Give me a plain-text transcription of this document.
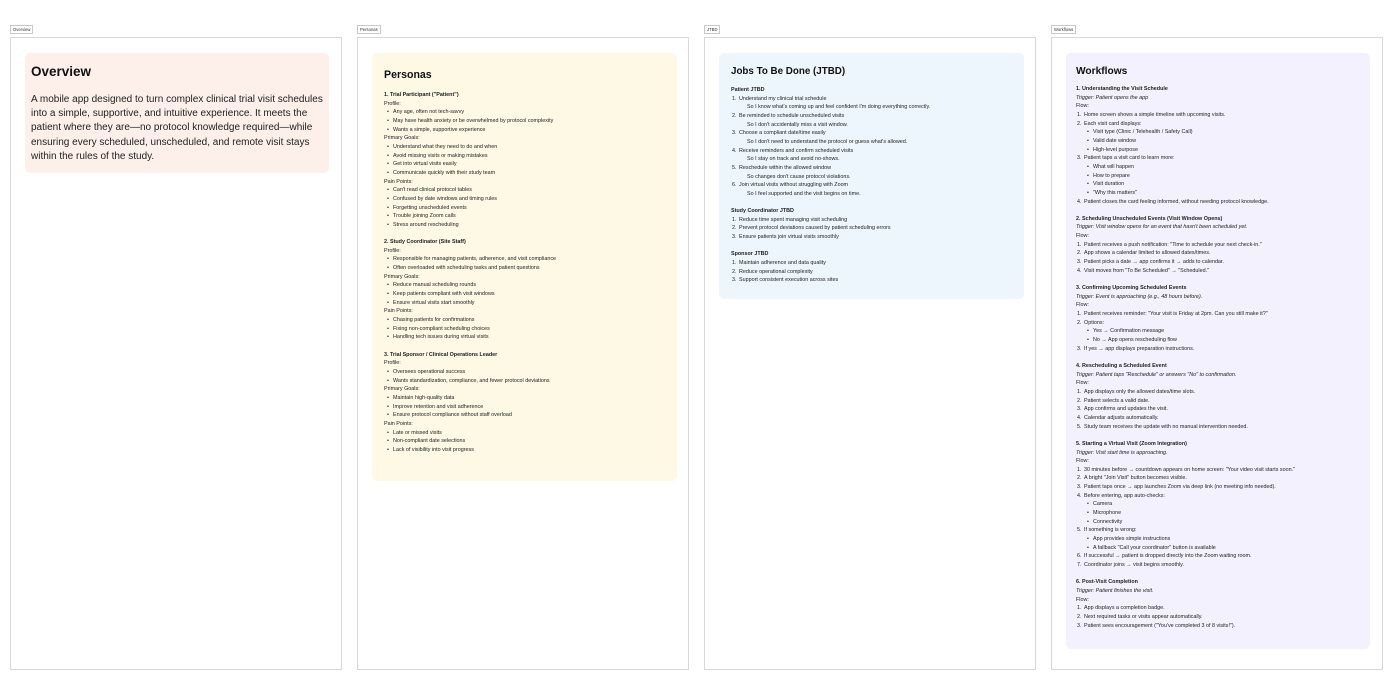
Overview	Personas	JTBD	Workflows
Overview
A mobile app designed to turn complex clinical trial visit schedules into a simple, supportive, and intuitive experience. It meets the patient where they are—no protocol knowledge required—while ensuring every scheduled, unscheduled, and remote visit stays within the rules of the study.
Personas
1. Trial Participant ("Patient")
Profile:
• Any age, often not tech-savvy
• May have health anxiety or be overwhelmed by protocol complexity
• Wants a simple, supportive experience
Primary Goals:
• Understand what they need to do and when
• Avoid missing visits or making mistakes
• Get into virtual visits easily
• Communicate quickly with their study team
Pain Points:
• Can't read clinical protocol tables
• Confused by date windows and timing rules
• Forgetting unscheduled events
• Trouble joining Zoom calls
• Stress around rescheduling
2. Study Coordinator (Site Staff)
Profile:
• Responsible for managing patients, adherence, and visit compliance
• Often overloaded with scheduling tasks and patient questions
Primary Goals:
• Reduce manual scheduling rounds
• Keep patients compliant with visit windows
• Ensure virtual visits start smoothly
Pain Points:
• Chasing patients for confirmations
• Fixing non-compliant scheduling choices
• Handling tech issues during virtual visits
3. Trial Sponsor / Clinical Operations Leader
Profile:
• Oversees operational success
• Wants standardization, compliance, and fewer protocol deviations
Primary Goals:
• Maintain high-quality data
• Improve retention and visit adherence
• Ensure protocol compliance without staff overload
Pain Points:
• Late or missed visits
• Non-compliant date selections
• Lack of visibility into visit progress
Jobs To Be Done (JTBD)
Patient JTBD
1. Understand my clinical trial schedule
So I know what's coming up and feel confident I'm doing everything correctly.
2. Be reminded to schedule unscheduled visits
So I don't accidentally miss a visit window.
3. Choose a compliant date/time easily
So I don't need to understand the protocol or guess what's allowed.
4. Receive reminders and confirm scheduled visits
So I stay on track and avoid no-shows.
5. Reschedule within the allowed window
So changes don't cause protocol violations.
6. Join virtual visits without struggling with Zoom
So I feel supported and the visit begins on time.
Study Coordinator JTBD
1. Reduce time spent managing visit scheduling
2. Prevent protocol deviations caused by patient scheduling errors
3. Ensure patients join virtual visits smoothly
Sponsor JTBD
1. Maintain adherence and data quality
2. Reduce operational complexity
3. Support consistent execution across sites
Workflows
1. Understanding the Visit Schedule
Trigger: Patient opens the app
Flow:
1. Home screen shows a simple timeline with upcoming visits.
2. Each visit card displays:
• Visit type (Clinic / Telehealth / Safety Call)
• Valid date window
• High-level purpose
3. Patient taps a visit card to learn more:
• What will happen
• How to prepare
• Visit duration
• "Why this matters"
4. Patient closes the card feeling informed, without needing protocol knowledge.
2. Scheduling Unscheduled Events (Visit Window Opens)
Trigger: Visit window opens for an event that hasn't been scheduled yet.
Flow:
1. Patient receives a push notification: "Time to schedule your next check-in."
2. App shows a calendar limited to allowed dates/times.
3. Patient picks a date → app confirms it → adds to calendar.
4. Visit moves from "To Be Scheduled" → "Scheduled."
3. Confirming Upcoming Scheduled Events
Trigger: Event is approaching (e.g., 48 hours before).
Flow:
1. Patient receives reminder: "Your visit is Friday at 2pm. Can you still make it?"
2. Options:
• Yes → Confirmation message
• No → App opens rescheduling flow
3. If yes → app displays preparation instructions.
4. Rescheduling a Scheduled Event
Trigger: Patient taps "Reschedule" or answers "No" to confirmation.
Flow:
1. App displays only the allowed dates/time slots.
2. Patient selects a valid date.
3. App confirms and updates the visit.
4. Calendar adjusts automatically.
5. Study team receives the update with no manual intervention needed.
5. Starting a Virtual Visit (Zoom Integration)
Trigger: Visit start time is approaching.
Flow:
1. 30 minutes before → countdown appears on home screen: "Your video visit starts soon."
2. A bright "Join Visit" button becomes visible.
3. Patient taps once → app launches Zoom via deep link (no meeting info needed).
4. Before entering, app auto-checks:
• Camera
• Microphone
• Connectivity
5. If something is wrong:
• App provides simple instructions
• A fallback "Call your coordinator" button is available
6. If successful → patient is dropped directly into the Zoom waiting room.
7. Coordinator joins → visit begins smoothly.
6. Post-Visit Completion
Trigger: Patient finishes the visit.
Flow:
1. App displays a completion badge.
2. Next required tasks or visits appear automatically.
3. Patient sees encouragement ("You've completed 3 of 8 visits!").
